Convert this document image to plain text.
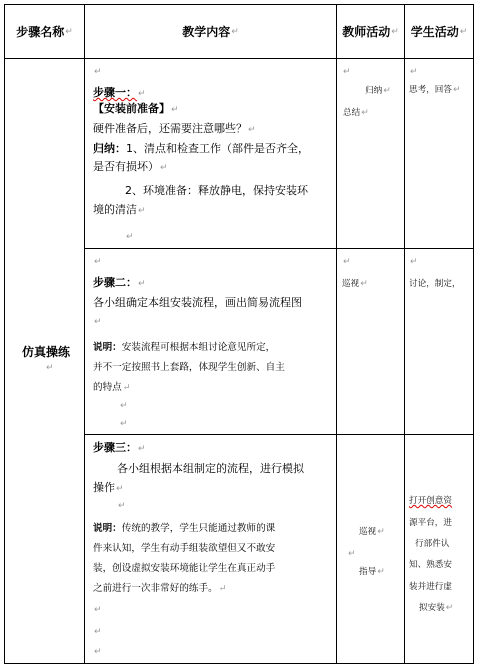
步骤名称 ↵	教学内容 ↵	教师活动 ↵ 学生活动 ↵
仿真操练
↵
↵
步骤一：↵
【安装前准备】↵
硬件准备后，还需要注意哪些？↵
归纳：1、清点和检查工作（部件是否齐全，
是否有损坏）↵
2、环境准备：释放静电，保持安装环
境的清洁↵
↵
↵
归纳↵
总结↵
↵
思考，回答↵
↵
步骤二：↵
各小组确定本组安装流程，画出简易流程图
↵
说明：安装流程可根据本组讨论意见所定，
并不一定按照书上套路，体现学生创新、自主
的特点↵
↵
↵
↵
巡视↵
↵
讨论，制定，
步骤三：↵
各小组根据本组制定的流程，进行模拟
操作↵
↵
说明：传统的教学，学生只能通过教师的课
件来认知，学生有动手组装欲望但又不敢安
装，创设虚拟安装环境能让学生在真正动手
之前进行一次非常好的练手。↵
↵
↵
↵
巡视↵
↵
指导↵
打开创意资
源平台，进
行部件认
知、熟悉安
装并进行虚
拟安装↵
